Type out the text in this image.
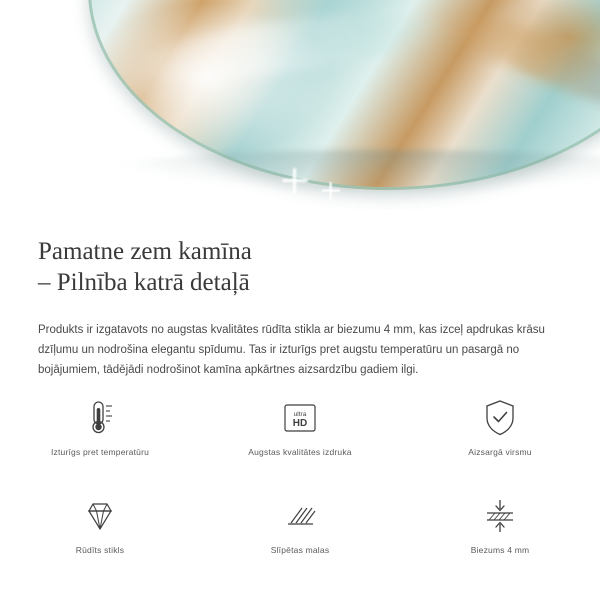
Pamatne zem kamīna
– Pilnība katrā detaļā

Produkts ir izgatavots no augstas kvalitātes rūdīta stikla ar biezumu 4 mm, kas izceļ apdrukas krāsu dzīļumu un nodrošina elegantu spīdumu. Tas ir izturīgs pret augstu temperatūru un pasargā no bojājumiem, tādējādi nodrošinot kamīna apkārtnes aizsardzību gadiem ilgi.

Izturīgs pret temperatūru
ultra
HD
Augstas kvalitātes izdruka	Aizsargā virsmu
Rūdīts stikls	Slīpētas malas	Biezums 4 mm
